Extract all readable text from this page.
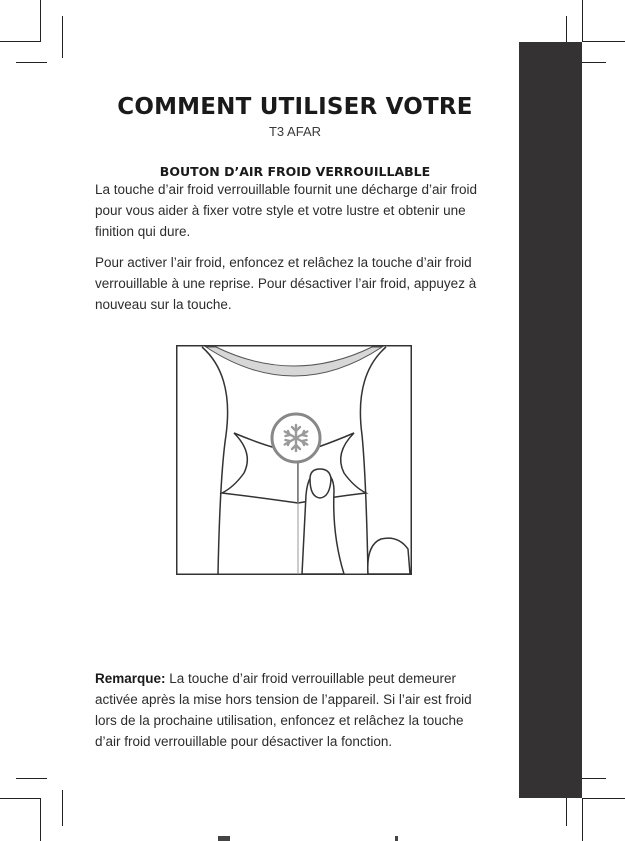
COMMENT UTILISER VOTRE

T3 AFAR

BOUTON D’AIR FROID VERROUILLABLE

La touche d’air froid verrouillable fournit une décharge d’air froid pour vous aider à fixer votre style et votre lustre et obtenir une finition qui dure.

Pour activer l’air froid, enfoncez et relâchez la touche d’air froid verrouillable à une reprise. Pour désactiver l’air froid, appuyez à nouveau sur la touche.

Remarque: La touche d’air froid verrouillable peut demeurer activée après la mise hors tension de l’appareil. Si l’air est froid lors de la prochaine utilisation, enfoncez et relâchez la touche d’air froid verrouillable pour désactiver la fonction.
